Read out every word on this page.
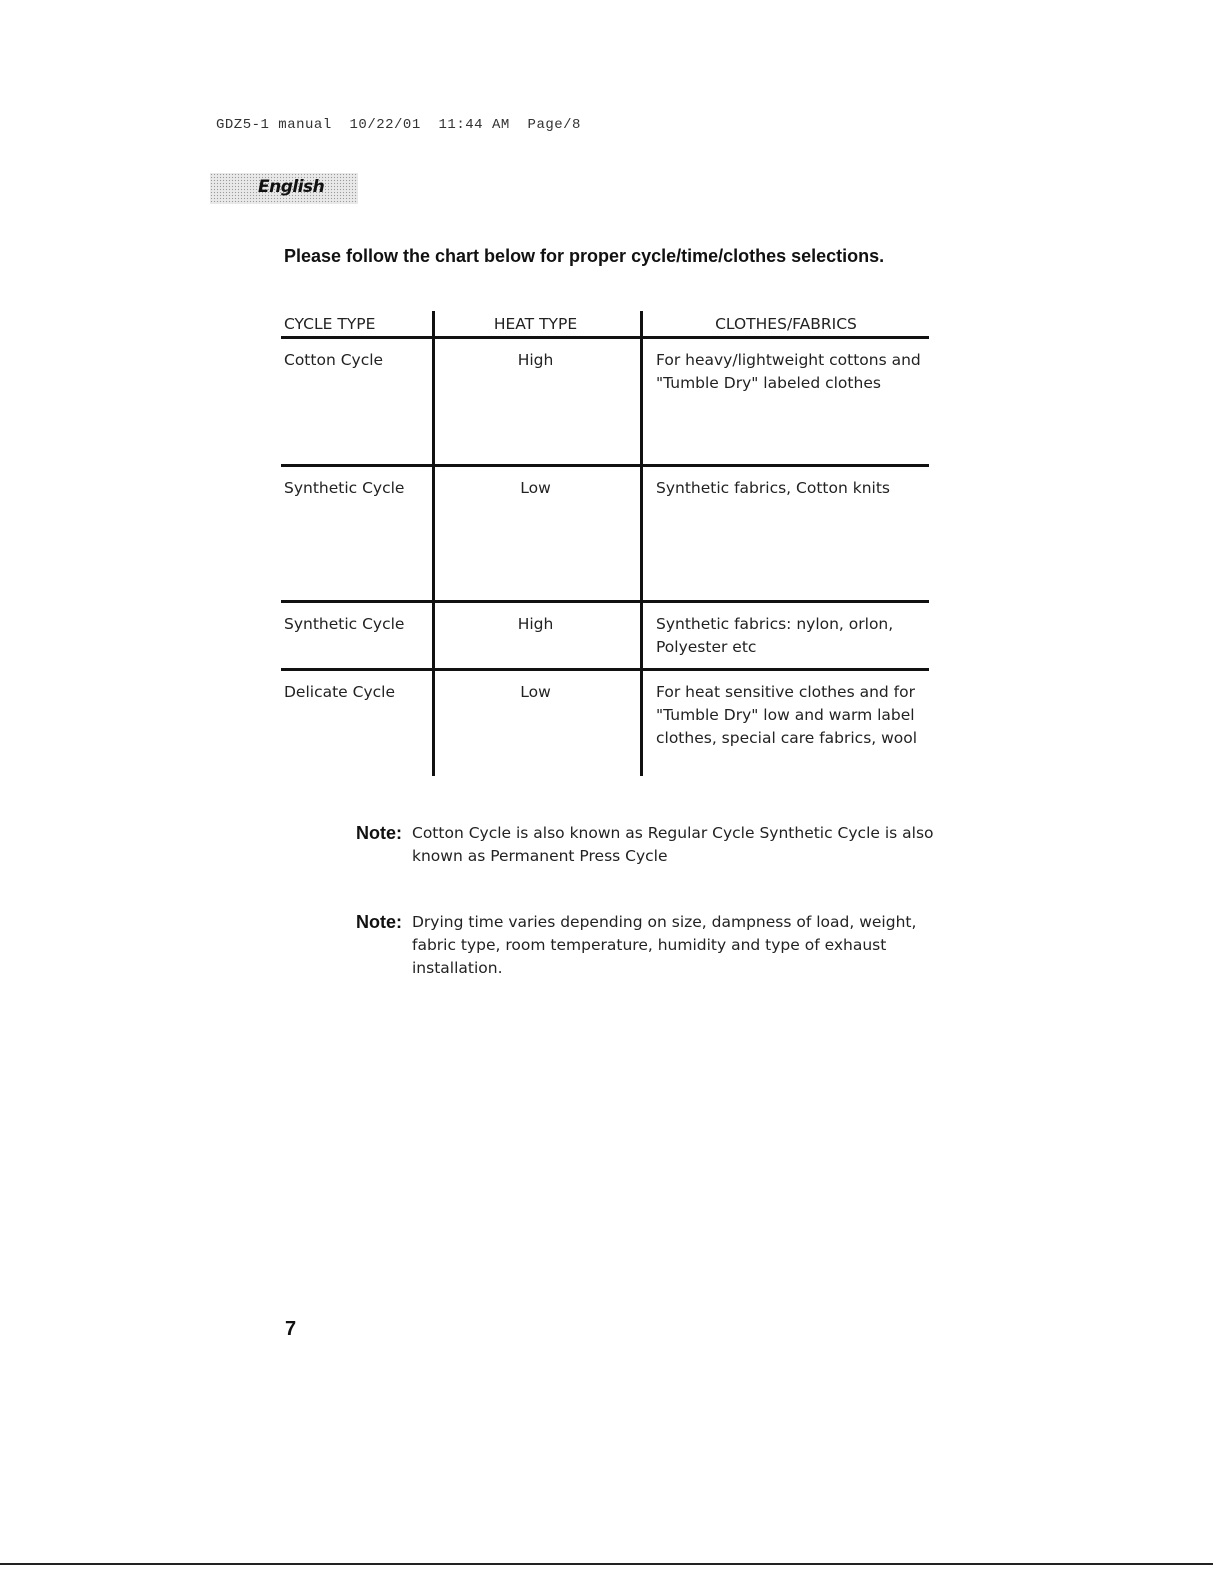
GDZ5-1 manual  10/22/01  11:44 AM  Page/8
English
Please follow the chart below for proper cycle/time/clothes selections.
CYCLE TYPE	HEAT TYPE	CLOTHES/FABRICS
Cotton Cycle	High	For heavy/lightweight cottons and "Tumble Dry" labeled clothes
Synthetic Cycle	Low	Synthetic fabrics, Cotton knits
Synthetic Cycle	High	Synthetic fabrics: nylon, orlon, Polyester etc
Delicate Cycle	Low	For heat sensitive clothes and for "Tumble Dry" low and warm label clothes, special care fabrics, wool
Note: Cotton Cycle is also known as Regular Cycle Synthetic Cycle is also known as Permanent Press Cycle
Note: Drying time varies depending on size, dampness of load, weight, fabric type, room temperature, humidity and type of exhaust installation.
7
